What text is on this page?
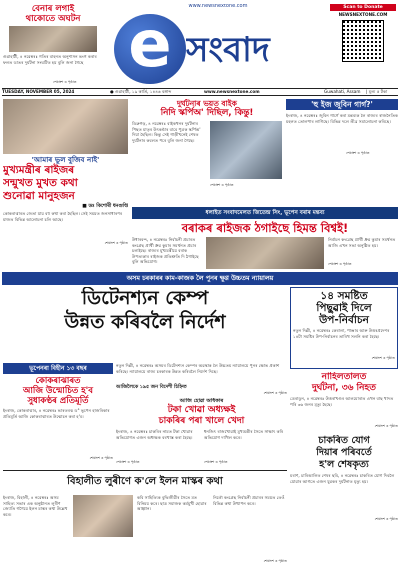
বেনাৰ লগাই
থাকোতে অঘটন
গুৱাহাটী, ৪ নৱেম্বৰঃ গতিৰ বাহনত অনুশাসন ভংগ কৰাৰ ফলত ডাঙৰ দুৰ্ঘটনা সংঘটিত হয় বুলি জনা গৈছে
শেষাংশ ৩ পৃষ্ঠাত
www.newsnextone.com
e সংবাদ
Scan to Donate
NEWSNEXTONE.COM
TUESDAY, NOVEMBER 05, 2024	● গুৱাহাটী, ১৯ কাৰ্তি, ১৪৪৬ বঙ্গাব্দ	www.newsnextone.com	Guwahati, Assam | মূল্য ৫ টকা
দুৰ্ঘটনাৰ ভয়ত বাইক
নিদি স্কৰ্পিঅ' দিছিল, কিন্তু!
ডিব্ৰুগড়, ৪ নৱেম্বৰঃ বাইকখনৰ দুৰ্ঘটনাৰ পিছত মাতৃৰ উৎকণ্ঠাৰ বাবে পুত্ৰক স্কৰ্পিঅ' দিয়া হৈছিল। কিন্তু সেই গাড়ীখনেই শেষত দুৰ্ঘটনাৰ কবলত পৰে বুলি জনা গৈছে।
শেষাংশ ৩ পৃষ্ঠাত
'হু ইজ জুবিন গাৰ্গ?'
ইংৰাজ, ৪ নৱেম্বৰঃ জুবিন গাৰ্গে কৰা মন্তব্যক লৈ ৰাজ্যৰ ৰাজনৈতিক মহলত তোলপাৰ লাগিছে। বিভিন্ন দলে তীব্ৰ সমালোচনা কৰিছে।
শেষাংশ ৩ পৃষ্ঠাত
'আমাৰ ভুল বুজিব নাই'
মুখ্যমন্ত্ৰীৰ ৰাইজৰ
সন্মুখত মুখত কথা
শুনোৱা মানুহজন
■ ডঃ কিশোৰী ধনগুপ্তি
কোকৰাঝাৰত জেতা যায় বহু কথা কৰা হৈছিল। সেই সময়ত জনসাধাৰণৰ মাজত বিভিন্ন আলোচনা চলি আছে।
শেষাংশ ৩ পৃষ্ঠাত
ধলাইত সংবাদমেলত জিতেন্দ্ৰ সিং, ভূপেন বৰাৰ মন্তব্য
বৰাকৰ ৰাইজক ঠগাইছে হিমন্ত বিশ্বই!
উধাৰবন্দ, ৪ নৱেম্বৰঃ নিৰ্বাচনী প্ৰচাৰত কংগ্ৰেছ প্ৰাৰ্থী ধ্ৰুৱ কুমাৰ সমৰ্থনত প্ৰচাৰ চলাইছে। ৰাজ্যৰ মুখ্যমন্ত্ৰীয়ে বৰাক উপত্যকাৰ ৰাইজক প্ৰতিশ্ৰুতি দি ঠগাইছে বুলি অভিযোগ।
নিৰ্বাচন কংগ্ৰেছ প্ৰাৰ্থী ধ্ৰুৱ কুমাৰ সমৰ্থনত আজি এখন সভা অনুষ্ঠিত হয়।
শেষাংশ ৩ পৃষ্ঠাত
অসম চৰকাৰৰ কাম-কাজক লৈ পুনৰ ক্ষুণ্ণ উচ্চতম ন্যায়ালয়
ডিটেনশ্যন কেম্প
উন্নত কৰিবলৈ নিৰ্দেশ
ভূপেনৰা বিহীন ১৩ বছৰ	নতুন দিল্লী, ৪ নৱেম্বৰঃ অসমৰ ডিটেনশ্যন কেম্পৰ অৱস্থাক লৈ উচ্চতম ন্যায়ালয়ে পুনৰ ক্ষোভ প্ৰকাশ কৰিছে। ন্যায়ালয়ে ৰাজ্য চৰকাৰক উন্নত কৰিবলৈ নিৰ্দেশ দিছে।
আজিলৈকে ১৯৫ জন বিদেশী চিহ্নিত
শেষাংশ ৩ পৃষ্ঠাত
কোকৰাঝাৰত
আজি উন্মোচিত হ'ব
সুধাকণ্ঠৰ প্ৰতিমূৰ্তি
ইংৰাজ, কোকৰাঝাৰ, ৪ নৱেম্বৰঃ ভাৰতৰত্ন ড° ভূপেন হাজৰিকাৰ প্ৰতিমূৰ্তি আজি কোকৰাঝাৰত উন্মোচন কৰা হ'ব।
শেষাংশ ৩ পৃষ্ঠাত
আজি হোৱা অধিকাৰ
টকা খোৱা অধ্যক্ষই
চাকৰিৰ পৰা খালে খেদা
ইংৰাজ, ৪ নৱেম্বৰঃ চাকৰিৰ নামত টকা খোৱাৰ অভিযোগত এজন অধ্যক্ষক বৰখাস্ত কৰা হৈছে।
শেষাংশ ৩ পৃষ্ঠাত
ধনজিৎ ৰাজখোৱাই মুখ্যমন্ত্ৰীৰ সৈতে সাক্ষাৎ কৰি অভিযোগ দাখিল কৰে।
শেষাংশ ৩ পৃষ্ঠাত
১৪ সমষ্টিত
পিছুৱাই দিলে
উপ-নিৰ্বাচন
নতুন দিল্লী, ৪ নৱেম্বৰঃ কেৰালা, পাঞ্জাব আৰু উত্তৰপ্ৰদেশৰ ১৪টা সমষ্টিৰ উপ-নিৰ্বাচনৰ তাৰিখ সলনি কৰা হৈছে।
শেষাংশ ৩ পৃষ্ঠাত
নাহিলতালত
দুৰ্ঘটনা, ৩৬ নিহত
ডেৰাডুন, ৪ নৱেম্বৰঃ উত্তৰাখণ্ডৰ আলমোৰাত এখন বাছ খাদত পৰি ৩৬ জনৰ মৃত্যু হৈছে।
শেষাংশ ৩ পৃষ্ঠাত
চাকৰিত যোগ
দিয়াৰ পৰিবৰ্তে
হ'ল শেষকৃত্য
মৰাণ, চাৰিআলিত শেষৰ ছবি, ৪ নৱেম্বৰঃ চাকৰিত যোগ দিবলৈ যোৱাৰ আগতে এজন যুৱকৰ দুৰ্ঘটনাত মৃত্যু হয়।
শেষাংশ ৩ পৃষ্ঠাত
বিহালীত লুৰীণে ক'লে ইলন মাস্কৰ কথা
ইংৰাজ, বিহালী, ৪ নৱেম্বৰঃ অসম সাহিত্য সভাৰ এক অনুষ্ঠানত লুৰীণ জ্যোতি গগৈয়ে ইলন মাস্কৰ কথা উল্লেখ কৰে।
কবি সাহিত্যিক বুদ্ধিজীৱীৰ সৈতে মত বিনিময় কৰে। ছাত্ৰ সমাজক কৰ্মমুখী হোৱাৰ আহ্বান।
নিতৌ কংগ্ৰেছ নিৰ্বাচনী প্ৰচাৰৰ সময়ত তেওঁ বিভিন্ন কথা উত্থাপন কৰে।
শেষাংশ ৩ পৃষ্ঠাত
